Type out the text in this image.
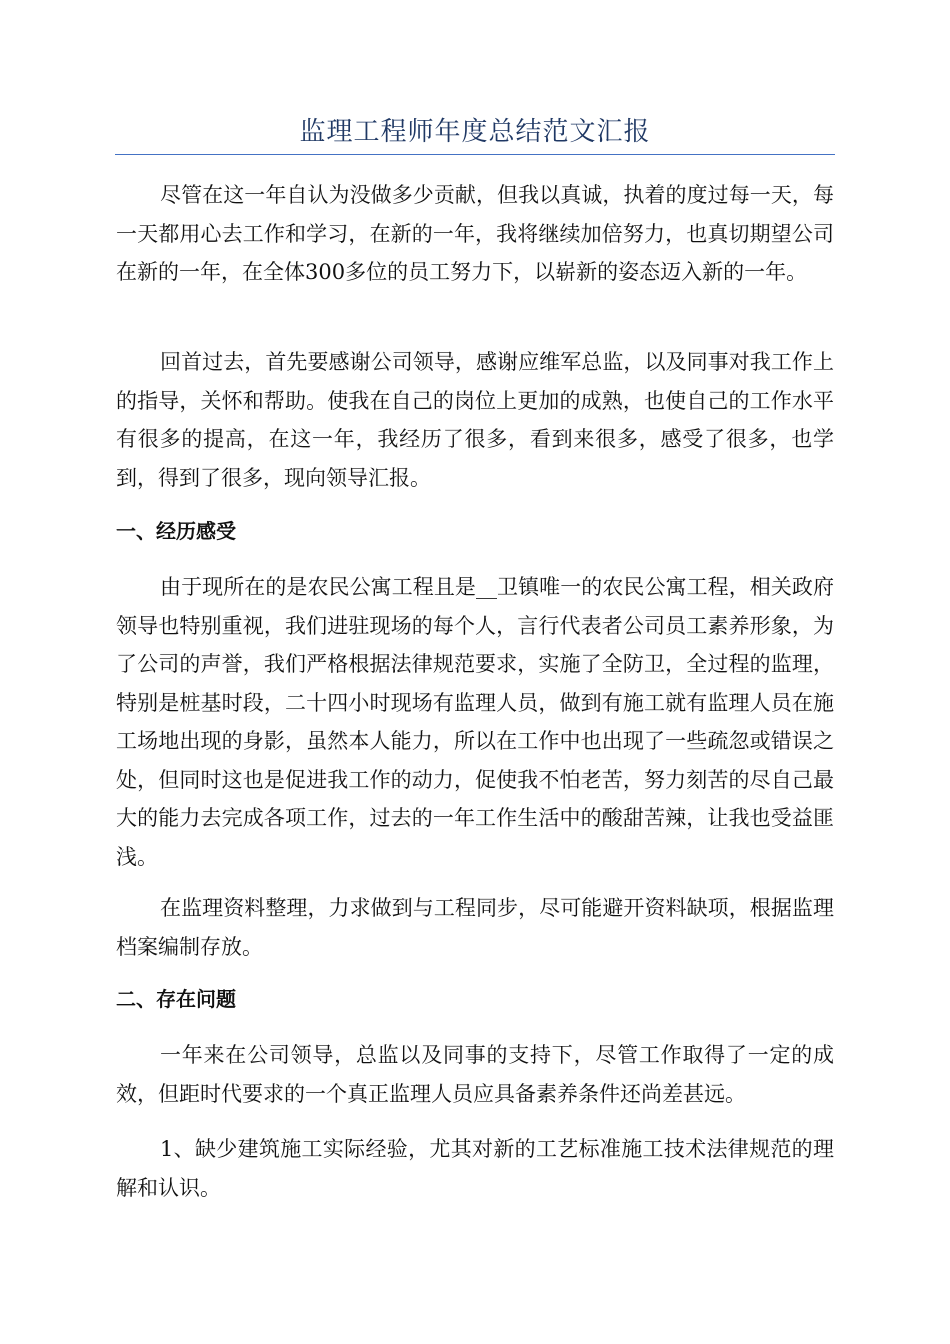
监理工程师年度总结范文汇报

尽管在这一年自认为没做多少贡献，但我以真诚，执着的度过每一天，每一天都用心去工作和学习，在新的一年，我将继续加倍努力，也真切期望公司在新的一年，在全体300多位的员工努力下，以崭新的姿态迈入新的一年。

回首过去，首先要感谢公司领导，感谢应维军总监，以及同事对我工作上的指导，关怀和帮助。使我在自己的岗位上更加的成熟，也使自己的工作水平有很多的提高，在这一年，我经历了很多，看到来很多，感受了很多，也学到，得到了很多，现向领导汇报。

一、经历感受

由于现所在的是农民公寓工程且是__卫镇唯一的农民公寓工程，相关政府领导也特别重视，我们进驻现场的每个人，言行代表者公司员工素养形象，为了公司的声誉，我们严格根据法律规范要求，实施了全防卫，全过程的监理，特别是桩基时段，二十四小时现场有监理人员，做到有施工就有监理人员在施工场地出现的身影，虽然本人能力，所以在工作中也出现了一些疏忽或错误之处，但同时这也是促进我工作的动力，促使我不怕老苦，努力刻苦的尽自己最大的能力去完成各项工作，过去的一年工作生活中的酸甜苦辣，让我也受益匪浅。

在监理资料整理，力求做到与工程同步，尽可能避开资料缺项，根据监理档案编制存放。

二、存在问题

一年来在公司领导，总监以及同事的支持下，尽管工作取得了一定的成效，但距时代要求的一个真正监理人员应具备素养条件还尚差甚远。

1、缺少建筑施工实际经验，尤其对新的工艺标准施工技术法律规范的理解和认识。
